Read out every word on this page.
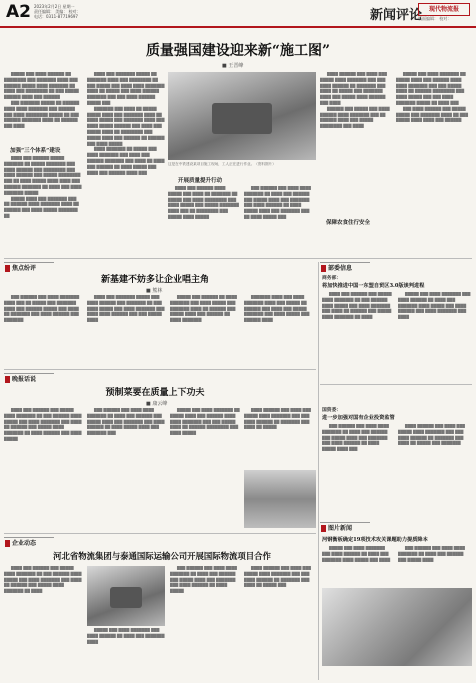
A2 2023年2月2日 星期一
责任编辑： 美编： 校对：
电话：0311-87719697	新闻评论	现代物流报
版面编辑： 校对：
质量强国建设迎来新“施工图”
■ 王晋峰
█████ ███ ████ ██████ ██ ████████ ███ ███████ ████ ███ ██████ █████ ████ ███████ ██ ████ ███ ████████ ██ ███ █████ ██████ ████ ███ ██████
███ ███████ █████ ██ ██████ ████ ████ ███████ ███ ██████ ███ ████ ████████ █████ ██ ███ ██████ ███████ ████ ██ ██████ ███ ████
加强“三个体系”建设
████ ███ ██████ █████ ███████ ██ █████ ███████ ███ ████ ██████ ███ ████████ ███ ████ ██████ ███ █████ ████████ ███ ██ ████ █████ ████ ████ ███ ██████ ███████ ██ ████ ███ ████ ███████ █████
█████ ████ ███ ███████ ███ ██ ██████ ████ ███████ ████ ██ ██████ ███ ████ █████ ███████ ██
████ ███ ███████ █████ ██ ███████ ████ ███ ████████ ██ ███ █████ ███ ████ ████ ███████ ████ ██ █████ ███ ████ ██████ ███████ ███ ███ ████ ██████ █████ ███
███████ ███ ████ ██ █████ █████ ████ ███ ███████ ████ ██ ████ █████ ███ ███████ ████ ███ ████ █████ ██████ ███ ████ ███ █████ ████ ██ ████████ ███ █████ ████ ███ ██████ ██ ██████ ███ ████ █████
████ ███████ ██ █████ ███ ████ ███████ ███ ████ ███ ██████ ███████ ███ ████ ██ ████ ███ ██████ ██ ████ █████ ███ ████ ███ ██████ ████ ███
这是在中铁建设某项目施工现场，工人正在进行作业。（资料图片）
开展质量提升行动
████ ███ ██████ ████ █████ ███ ████ ██ ███████ ██ █████ ███ ████ ████████ ███ ████ █████ ███ █████ ███████ ████ ███ ██ ████████ ███ █████ ████ █████
███ ██████ ███ ████ ████ ███████ ██ ████ ███ ██████ ███ █████ ████ ███ ███████ ███ ████ ██████ ██ ████ █████ ████ ███ ███████ ███ ██ ████ █████ ███
████ ██████ ███ ████ ███ █████ ████ ███████ ███ ███ ████ ██████ ██ ███████ ███ ████ ██ █████ ███ ███████ ████ ███ █████ ████ ██████ ███ ████
██████ ███ █████ ███ ████ ██████ ████ ███████ ███ ██ ██████ ████ ███ █████ ████████ ███ ████
保障农食住行安全
█████ ███ ████ ███████ ██ █████ ████ ███ ██████ ████ ████ ███████ ███ ███ █████ ████ ██ ██████ ████████ ███ ████ █████ ███ ███ ████ ███████ █████ ██ ████ ███
███ ████ ██████ ███ █████ █████ ███ ███████ ████ ██ ███ █████ ████ ████ ███ ██████
焦点纷评	部委信息
新基建不妨多让企业唱主角
■ 熊林
███ ██████ ███ ████ ███████ ████ ███ ██ █████ ███ ███████ ████ ███ ██████ █████ ███ ████ ██ ███████ ███ ████ ██████ ███ ███████
████ ███ ███████ █████ ███ ████ ██████ ███ ███████ ██ ███ ████ █████ ███ ████ ███████ ███ ████ ████ ██████ ███ ███ █████ ████
█████ ███ ██████ ██ ████ ███████ ███ ████ █████ ███ ███████ ████ ██ ██████ ███ █████ ████ ███ ██████ ██ ████ ███████
███████ ████ ███ ████ ███████ ████ ███ █████ ██ ██████ ███ ████ ███ █████ ███████ ███ ████ █████ ███ ██████ ████
商务部：
将加快推进中国一东盟自贸区3.0版谈判进程
████ ███ ██████ ███ █████ ████ ███████ ██ ███ ██████ ████ █████ ███ ████ ███████ ███ ████ ██ ██████ ███ █████ ████ ███████ ██ ████
█████ ███ ████ ███████ ███ ████ ██████ ██ ████ ███ ███████ ████ █████ ███ ████ ██████ ███ ████ ███████ ███ ████
晚报话说
预制菜要在质量上下功夫
■ 康云峰
████ ███ ██████ ███ █████ ████ ███████ ██ ███ ██████ ████ █████ ███ ████ ███████ ███ ████ ██ ██████ ███ █████ ████ ███████ ██ ████ ██████ ███ ████ █████
███ ██████ ███ ████ ████ ███████ ██ ████ ███ ██████ ███ █████ ████ ███ ███████ ███ ████ ██████ ██ ████ █████ ████ ███ ███████ ███
█████ ███ ████ ███████ ██ █████ ████ ███ ██████ ████ ████ ███████ ███ ███ █████ ████ ██ ██████ ████████ ███ ████ █████
████ ██████ ███ ████ ███ █████ ████ ███████ ███ ███ ████ ██████ ██ ███████ ███ ████ ██ █████
国资委：
进一步加强对国有企业投资监管
███ ██████ ███ ████ ████ ███████ ██ ████ ███ ██████ ███ █████ ████ ███ ███████ ███ ████ ██████ ██ ████ █████ ████ ███
████ ██████ ███ ████ ███ █████ ████ ███████ ███ ███ ████ ██████ ██ ███████ ███ ████ ██ █████ ███ ███████
图片新闻
河钢衡板确定19项技术攻关课题助力提质降本
█████ ███ ████ ███████ ███ ████ ██████ ██ ████ ███ ███████ ████ █████ ███ ████
███ ██████ ███ ████ ████ ███████ ██ ████ ███ ██████ ███ █████ ████
企业动态
河北省物流集团与泰通国际运输公司开展国际物流项目合作
████ ███ ██████ ███ █████ ████ ███████ ██ ███ ██████ ████ █████ ███ ████ ███████ ███ ████ ██ ██████ ███ █████ ████ ███████ ██ ████
█████ ███ ████ ███████ ███ ████ ██████ ██ ████ ███ ███████ ████
███ ██████ ███ ████ ████ ███████ ██ ████ ███ ██████ ███ █████ ████ ███ ███████ ███ ████ ██████ ██ ████ █████
████ ██████ ███ ████ ███ █████ ████ ███████ ███ ███ ████ ██████ ██ ███████ ███ ████ ██ █████ ███
